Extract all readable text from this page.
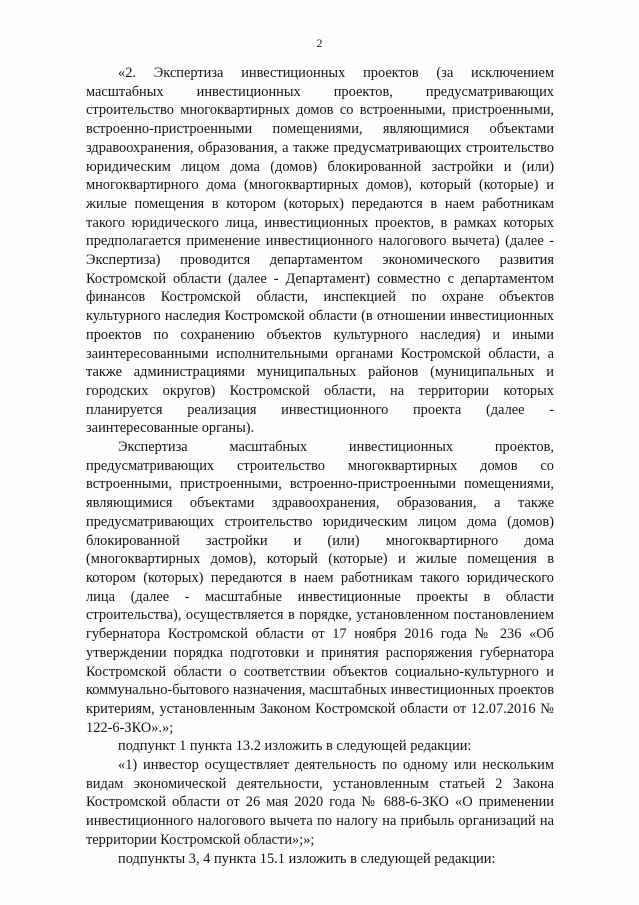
2

«2. Экспертиза инвестиционных проектов (за исключением масштабных инвестиционных проектов, предусматривающих строительство многоквартирных домов со встроенными, пристроенными, встроенно-пристроенными помещениями, являющимися объектами здравоохранения, образования, а также предусматривающих строительство юридическим лицом дома (домов) блокированной застройки и (или) многоквартирного дома (многоквартирных домов), который (которые) и жилые помещения в котором (которых) передаются в наем работникам такого юридического лица, инвестиционных проектов, в рамках которых предполагается применение инвестиционного налогового вычета) (далее - Экспертиза) проводится департаментом экономического развития Костромской области (далее - Департамент) совместно с департаментом финансов Костромской области, инспекцией по охране объектов культурного наследия Костромской области (в отношении инвестиционных проектов по сохранению объектов культурного наследия) и иными заинтересованными исполнительными органами Костромской области, а также администрациями муниципальных районов (муниципальных и городских округов) Костромской области, на территории которых планируется реализация инвестиционного проекта (далее - заинтересованные органы).

Экспертиза масштабных инвестиционных проектов, предусматривающих строительство многоквартирных домов со встроенными, пристроенными, встроенно-пристроенными помещениями, являющимися объектами здравоохранения, образования, а также предусматривающих строительство юридическим лицом дома (домов) блокированной застройки и (или) многоквартирного дома (многоквартирных домов), который (которые) и жилые помещения в котором (которых) передаются в наем работникам такого юридического лица (далее - масштабные инвестиционные проекты в области строительства), осуществляется в порядке, установленном постановлением губернатора Костромской области от 17 ноября 2016 года № 236 «Об утверждении порядка подготовки и принятия распоряжения губернатора Костромской области о соответствии объектов социально-культурного и коммунально-бытового назначения, масштабных инвестиционных проектов критериям, установленным Законом Костромской области от 12.07.2016 № 122-6-ЗКО».»;

подпункт 1 пункта 13.2 изложить в следующей редакции:

«1) инвестор осуществляет деятельность по одному или нескольким видам экономической деятельности, установленным статьей 2 Закона Костромской области от 26 мая 2020 года № 688-6-ЗКО «О применении инвестиционного налогового вычета по налогу на прибыль организаций на территории Костромской области»;»;

подпункты 3, 4 пункта 15.1 изложить в следующей редакции:
